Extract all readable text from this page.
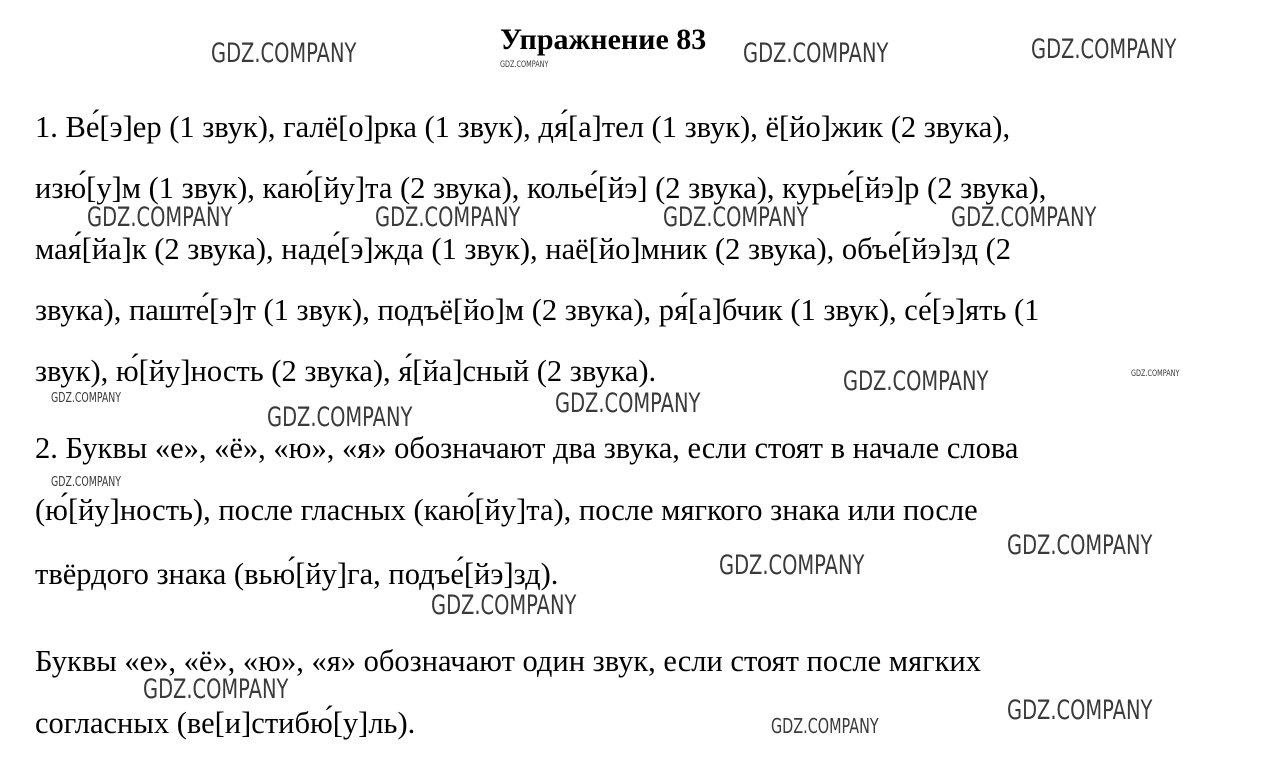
Упражнение 83
1. Ве́[э]ер (1 звук), галё[о]рка (1 звук), дя́[а]тел (1 звук), ё[йо]жик (2 звука),
изю́[у]м (1 звук), каю́[йу]та (2 звука), колье́[йэ] (2 звука), курье́[йэ]р (2 звука),
мая́[йа]к (2 звука), наде́[э]жда (1 звук), наё[йо]мник (2 звука), объе́[йэ]зд (2
звука), паште́[э]т (1 звук), подъё[йо]м (2 звука), ря́[а]бчик (1 звук), се́[э]ять (1
звук), ю́[йу]ность (2 звука), я́[йа]сный (2 звука).
2. Буквы «е», «ё», «ю», «я» обозначают два звука, если стоят в начале слова
(ю́[йу]ность), после гласных (каю́[йу]та), после мягкого знака или после
твёрдого знака (вью́[йу]га, подъе́[йэ]зд).
Буквы «е», «ё», «ю», «я» обозначают один звук, если стоят после мягких
согласных (ве[и]стибю́[у]ль).
GDZ.COMPANY	GDZ.COMPANY	GDZ.COMPANY	GDZ.COMPANY
GDZ.COMPANY	GDZ.COMPANY	GDZ.COMPANY	GDZ.COMPANY
GDZ.COMPANY	GDZ.COMPANY
GDZ.COMPANY	GDZ.COMPANY
GDZ.COMPANY
GDZ.COMPANY
GDZ.COMPANY
GDZ.COMPANY
GDZ.COMPANY
GDZ.COMPANY
GDZ.COMPANY
GDZ.COMPANY
